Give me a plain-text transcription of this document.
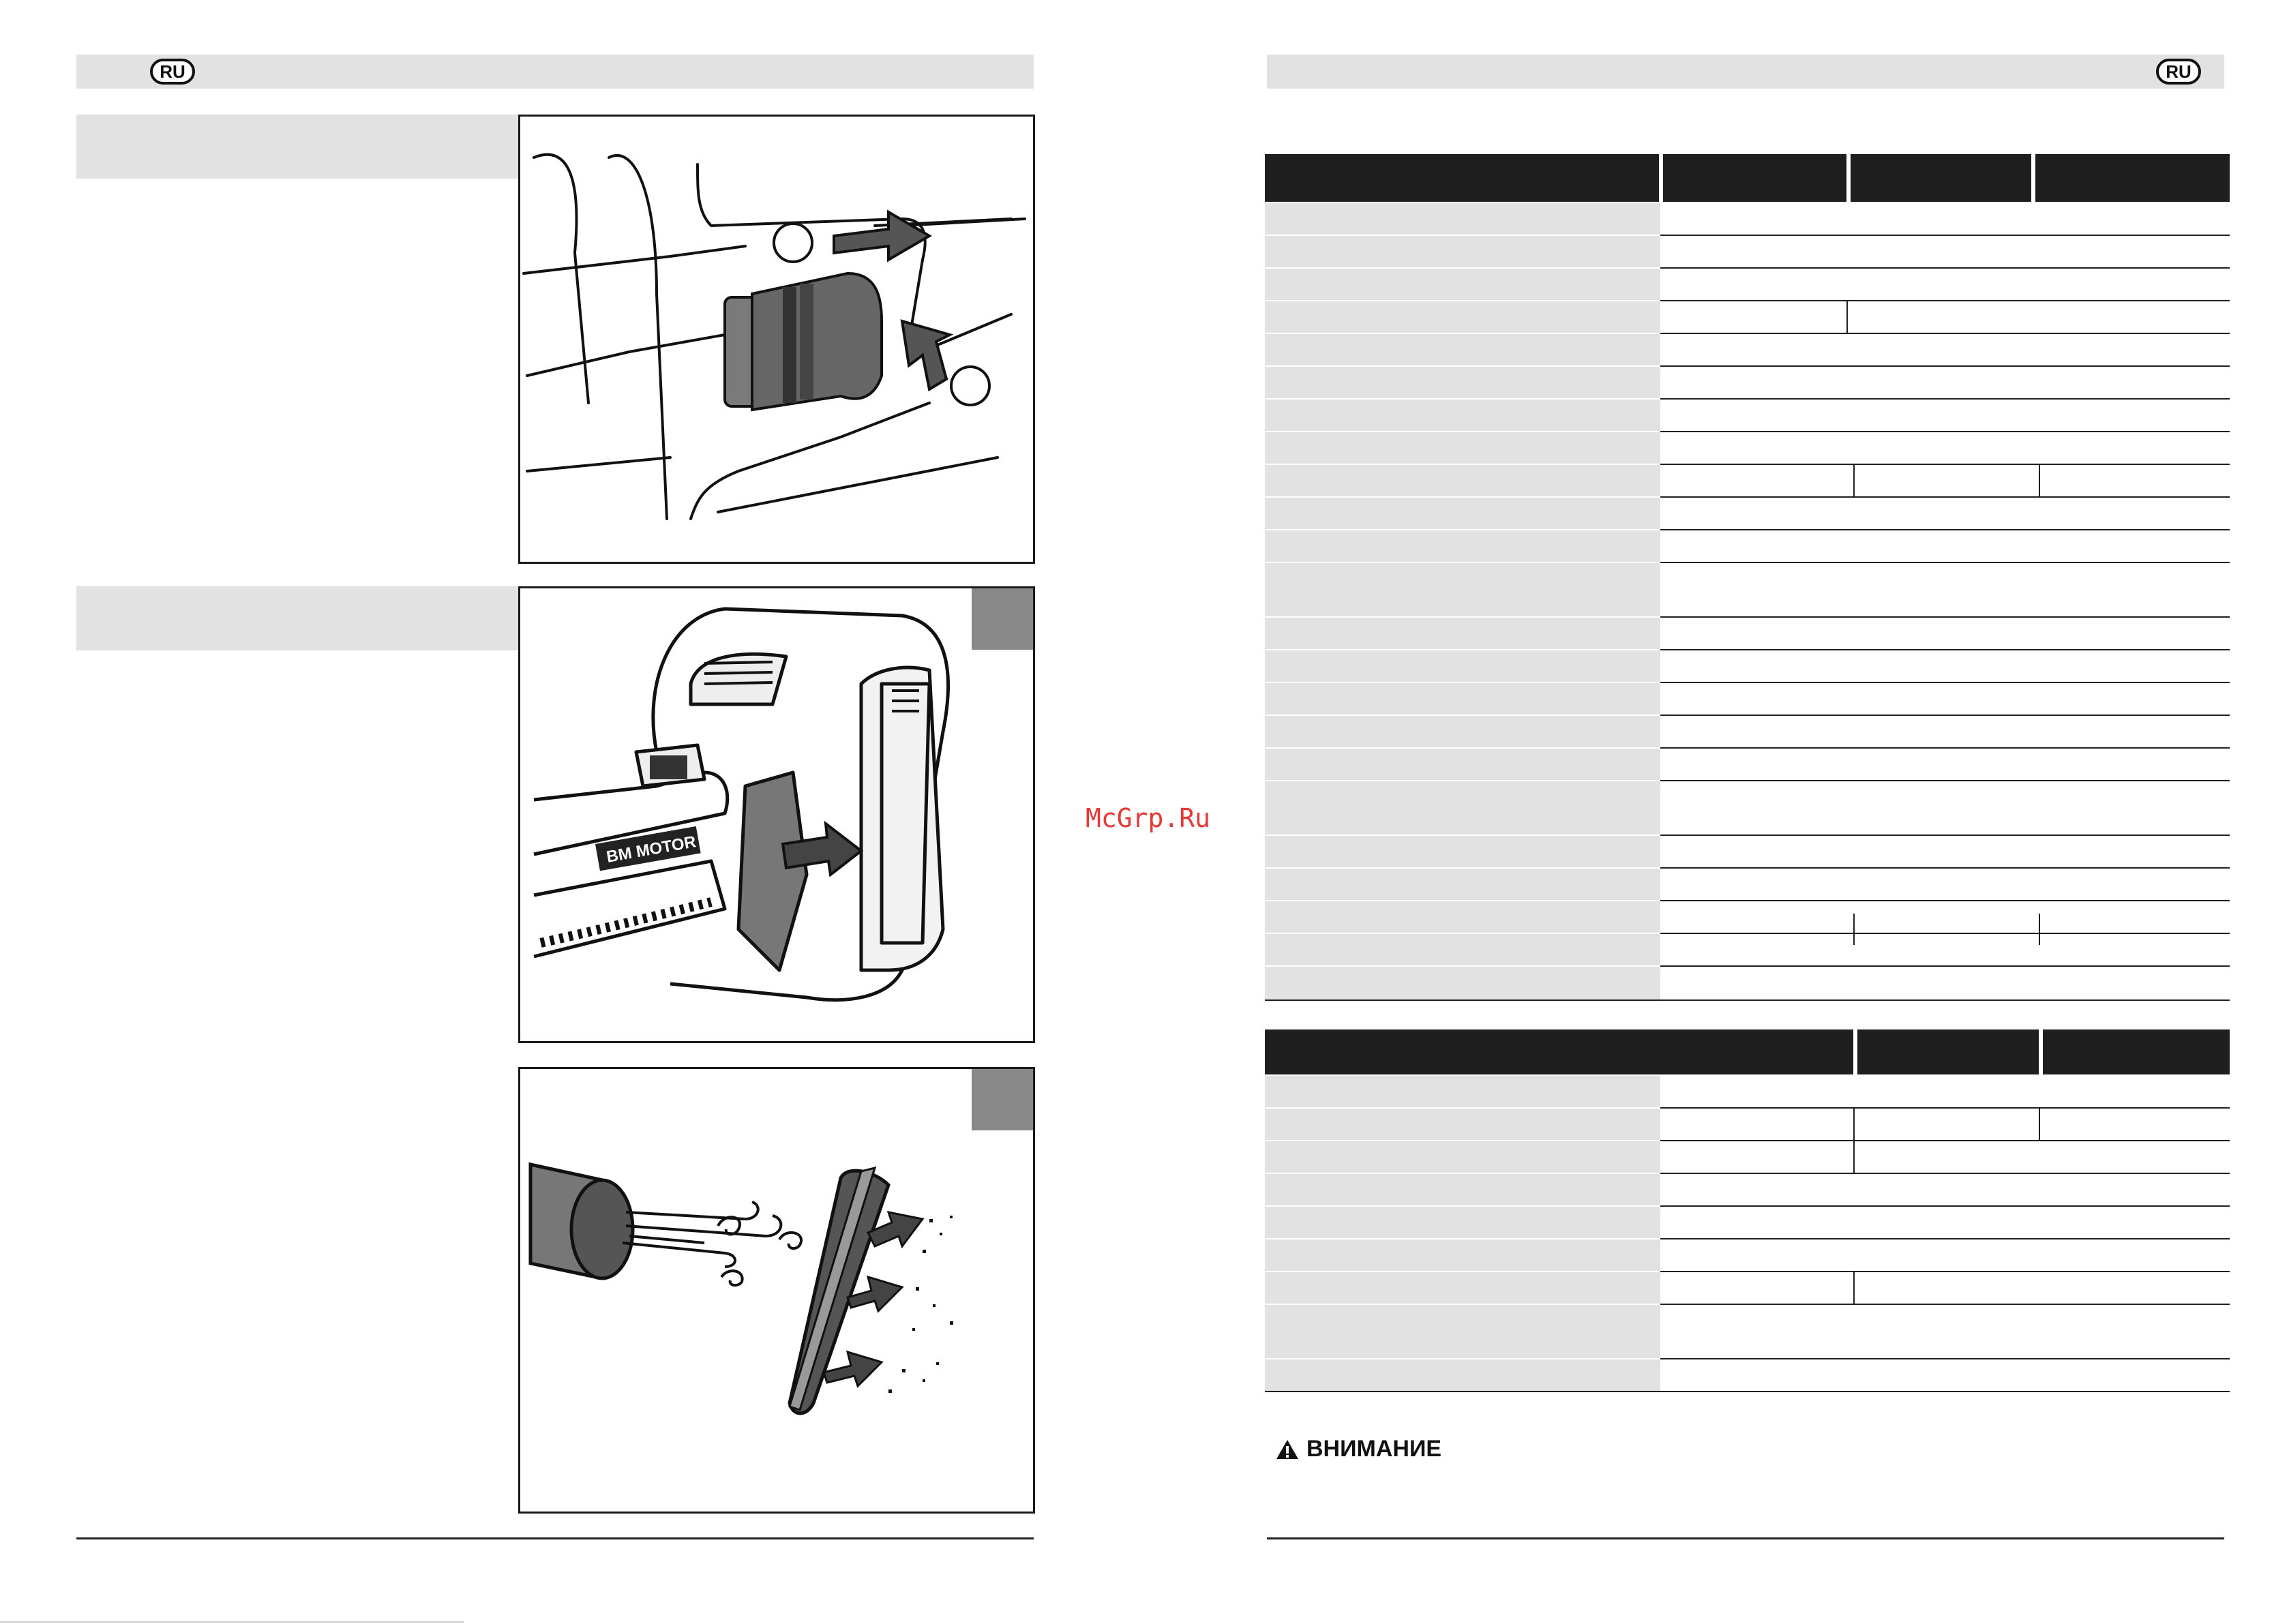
RU
BM MOTOR
McGrp.Ru
RU
ВНИМАНИЕ
